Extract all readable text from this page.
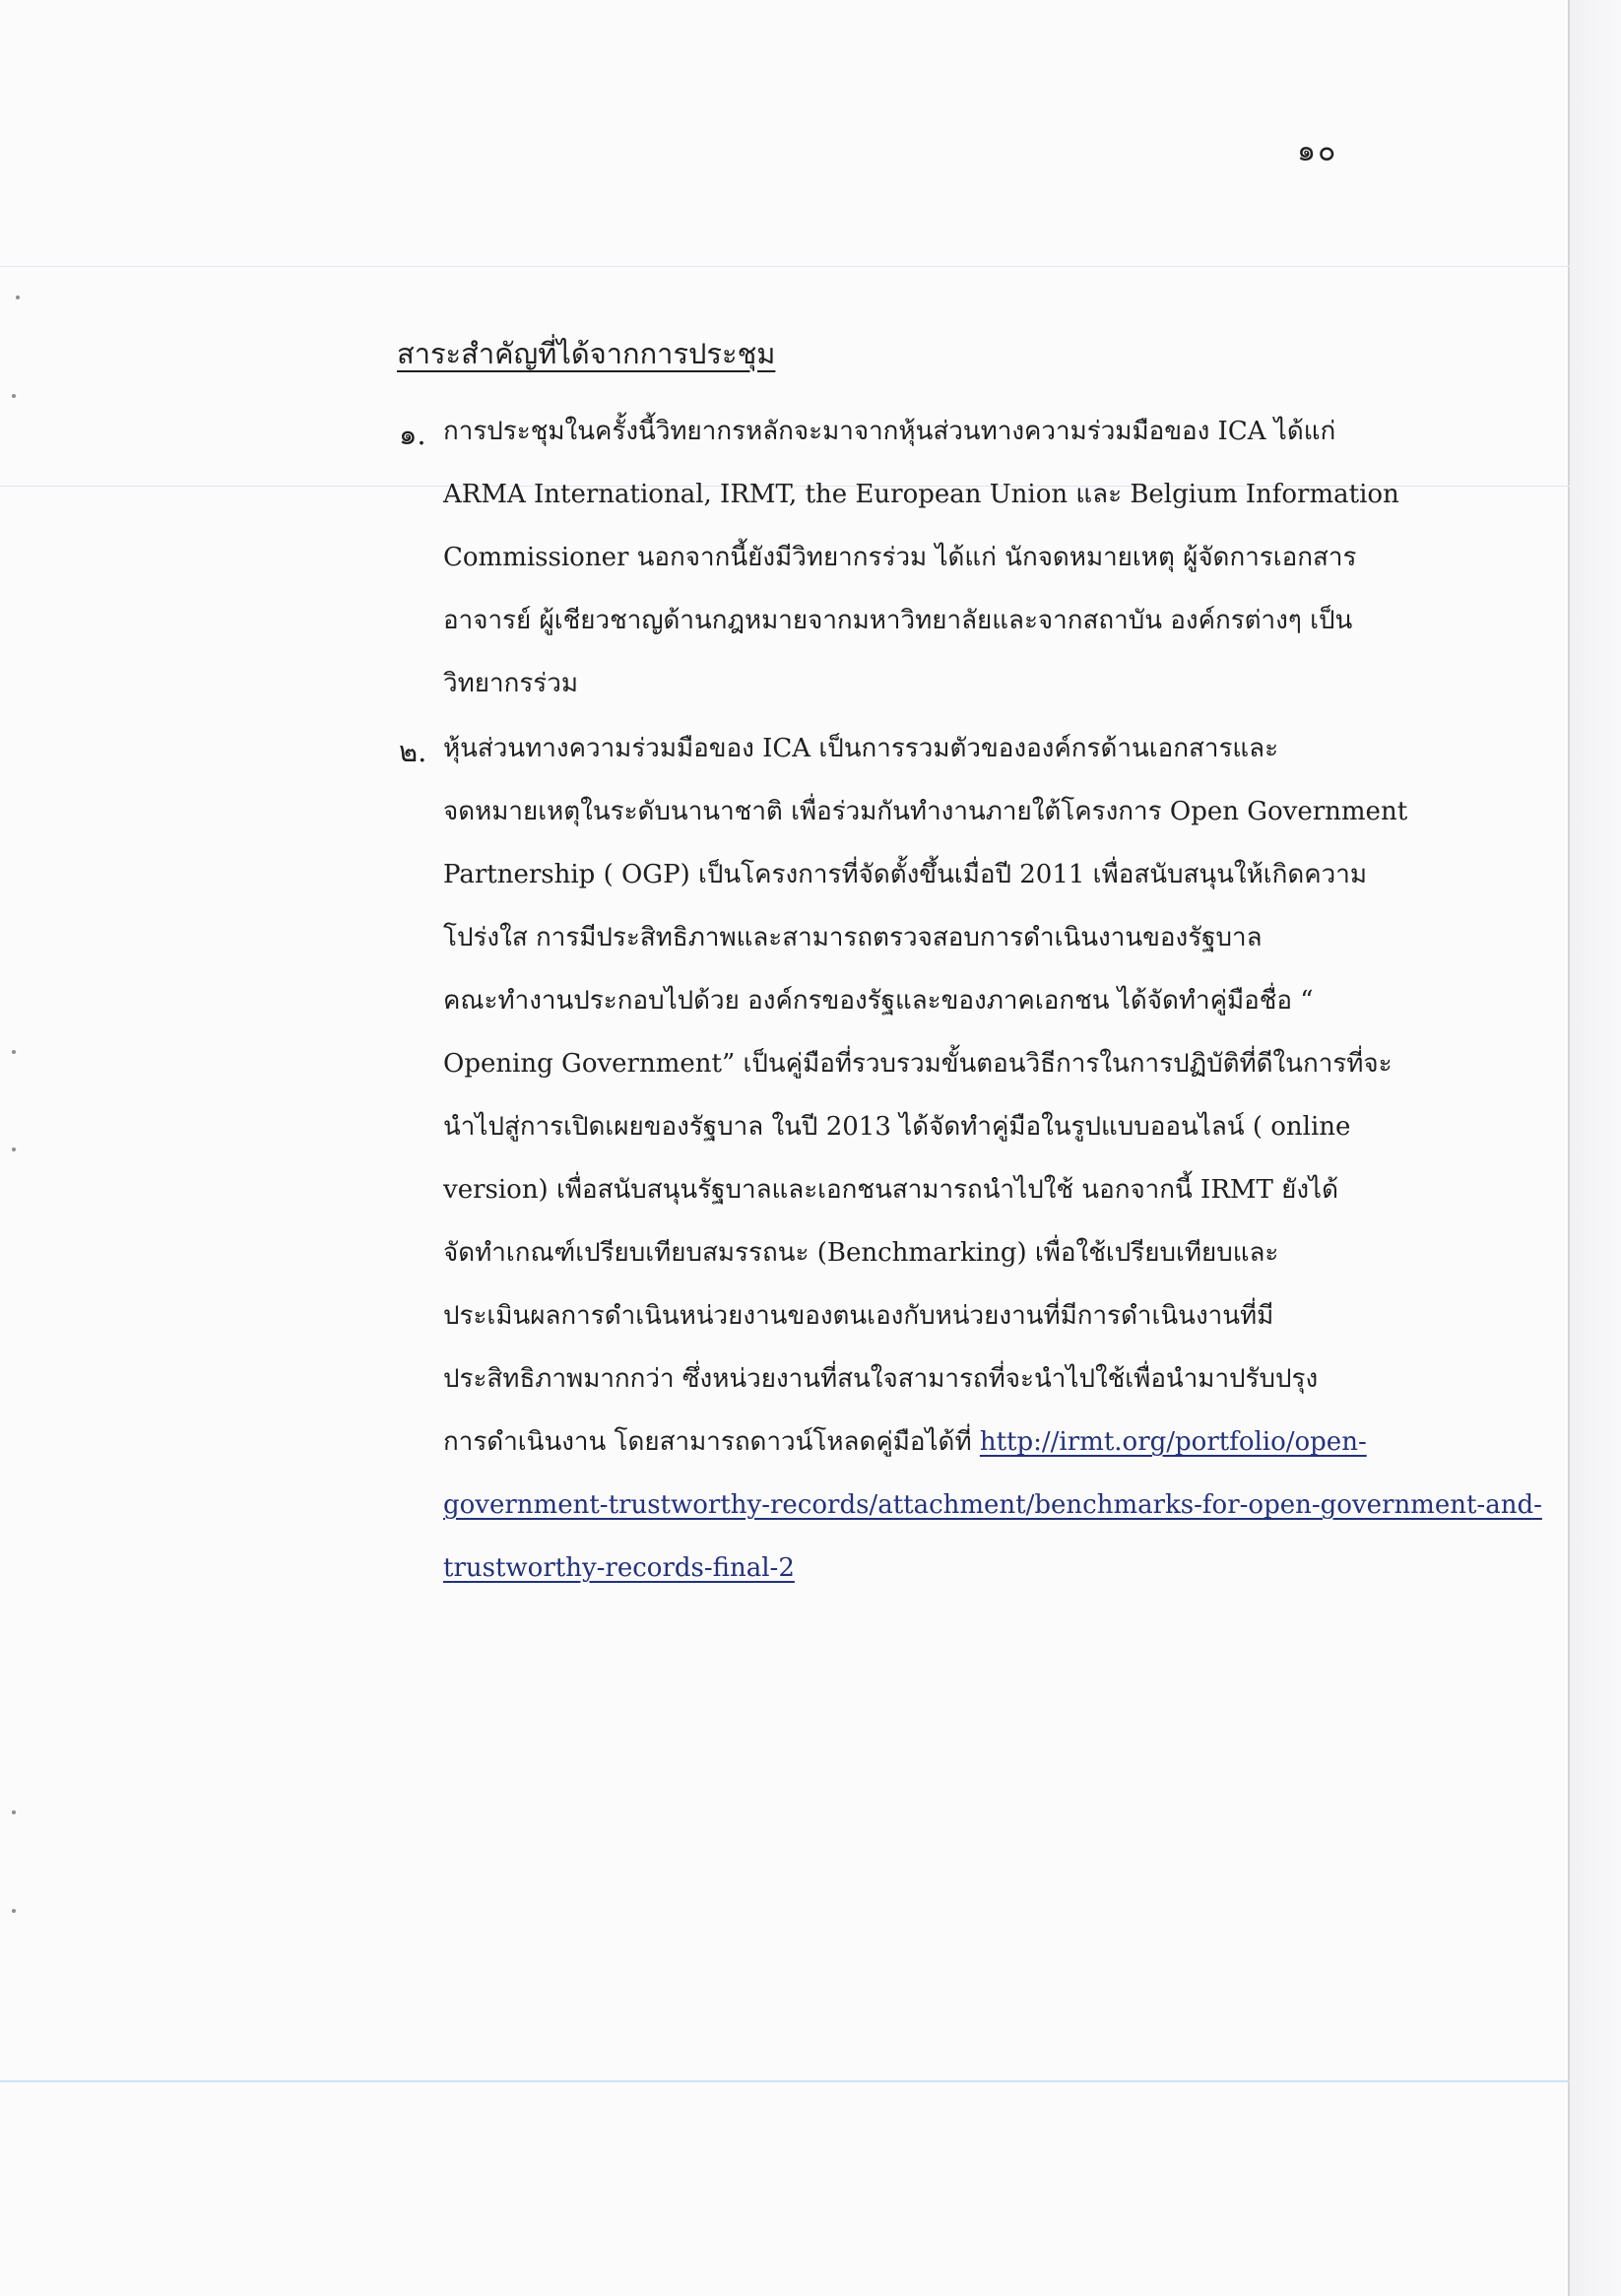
๑๐
สาระสำคัญที่ได้จากการประชุม
๑. การประชุมในครั้งนี้วิทยากรหลักจะมาจากหุ้นส่วนทางความร่วมมือของ ICA ได้แก่
ARMA International, IRMT, the European Union และ Belgium Information
Commissioner นอกจากนี้ยังมีวิทยากรร่วม ได้แก่ นักจดหมายเหตุ ผู้จัดการเอกสาร
อาจารย์ ผู้เชียวชาญด้านกฎหมายจากมหาวิทยาลัยและจากสถาบัน องค์กรต่างๆ เป็น
วิทยากรร่วม
๒. หุ้นส่วนทางความร่วมมือของ ICA เป็นการรวมตัวขององค์กรด้านเอกสารและ
จดหมายเหตุในระดับนานาชาติ เพื่อร่วมกันทำงานภายใต้โครงการ Open Government
Partnership ( OGP) เป็นโครงการที่จัดตั้งขึ้นเมื่อปี 2011 เพื่อสนับสนุนให้เกิดความ
โปร่งใส การมีประสิทธิภาพและสามารถตรวจสอบการดำเนินงานของรัฐบาล
คณะทำงานประกอบไปด้วย องค์กรของรัฐและของภาคเอกชน ได้จัดทำคู่มือชื่อ “
Opening Government” เป็นคู่มือที่รวบรวมขั้นตอนวิธีการในการปฏิบัติที่ดีในการที่จะ
นำไปสู่การเปิดเผยของรัฐบาล ในปี 2013 ได้จัดทำคู่มือในรูปแบบออนไลน์ ( online
version) เพื่อสนับสนุนรัฐบาลและเอกชนสามารถนำไปใช้ นอกจากนี้ IRMT ยังได้
จัดทำเกณฑ์เปรียบเทียบสมรรถนะ (Benchmarking) เพื่อใช้เปรียบเทียบและ
ประเมินผลการดำเนินหน่วยงานของตนเองกับหน่วยงานที่มีการดำเนินงานที่มี
ประสิทธิภาพมากกว่า ซึ่งหน่วยงานที่สนใจสามารถที่จะนำไปใช้เพื่อนำมาปรับปรุง
การดำเนินงาน โดยสามารถดาวน์โหลดคู่มือได้ที่ http://irmt.org/portfolio/open-
government-trustworthy-records/attachment/benchmarks-for-open-government-and-
trustworthy-records-final-2
